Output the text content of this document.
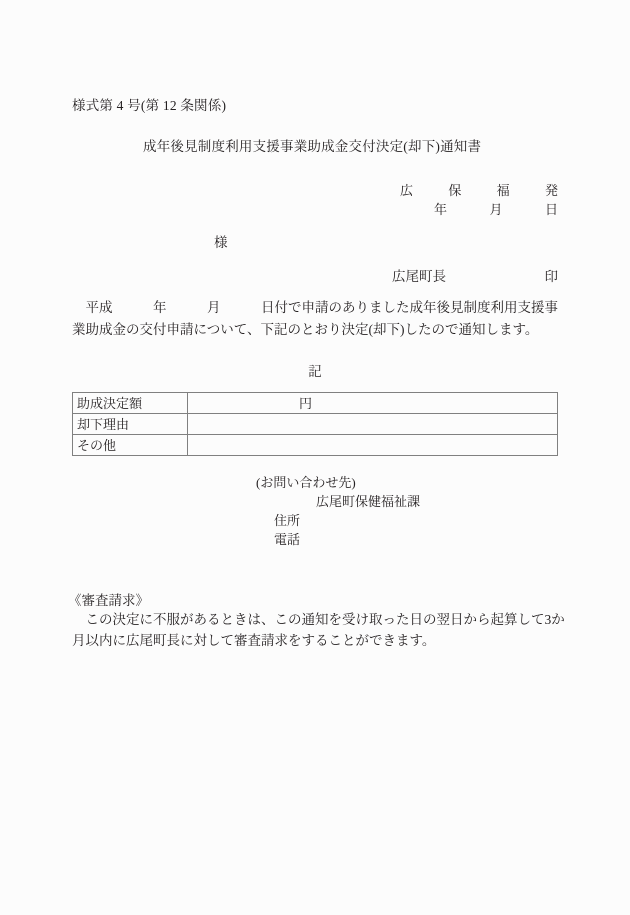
様式第 4 号(第 12 条関係)
成年後見制度利用支援事業助成金交付決定(却下)通知書
広	保	福	発
年	月	日
様
広尾町長	印
　平成　　　年　　　月　　　日付で申請のありました成年後見制度利用支援事業助成金の交付申請について、下記のとおり決定(却下)したので通知します。
記
助成決定額	円

却下理由	
その他	
(お問い合わせ先)
広尾町保健福祉課
住所
電話
《審査請求》
　この決定に不服があるときは、この通知を受け取った日の翌日から起算して3か月以内に広尾町長に対して審査請求をすることができます。
